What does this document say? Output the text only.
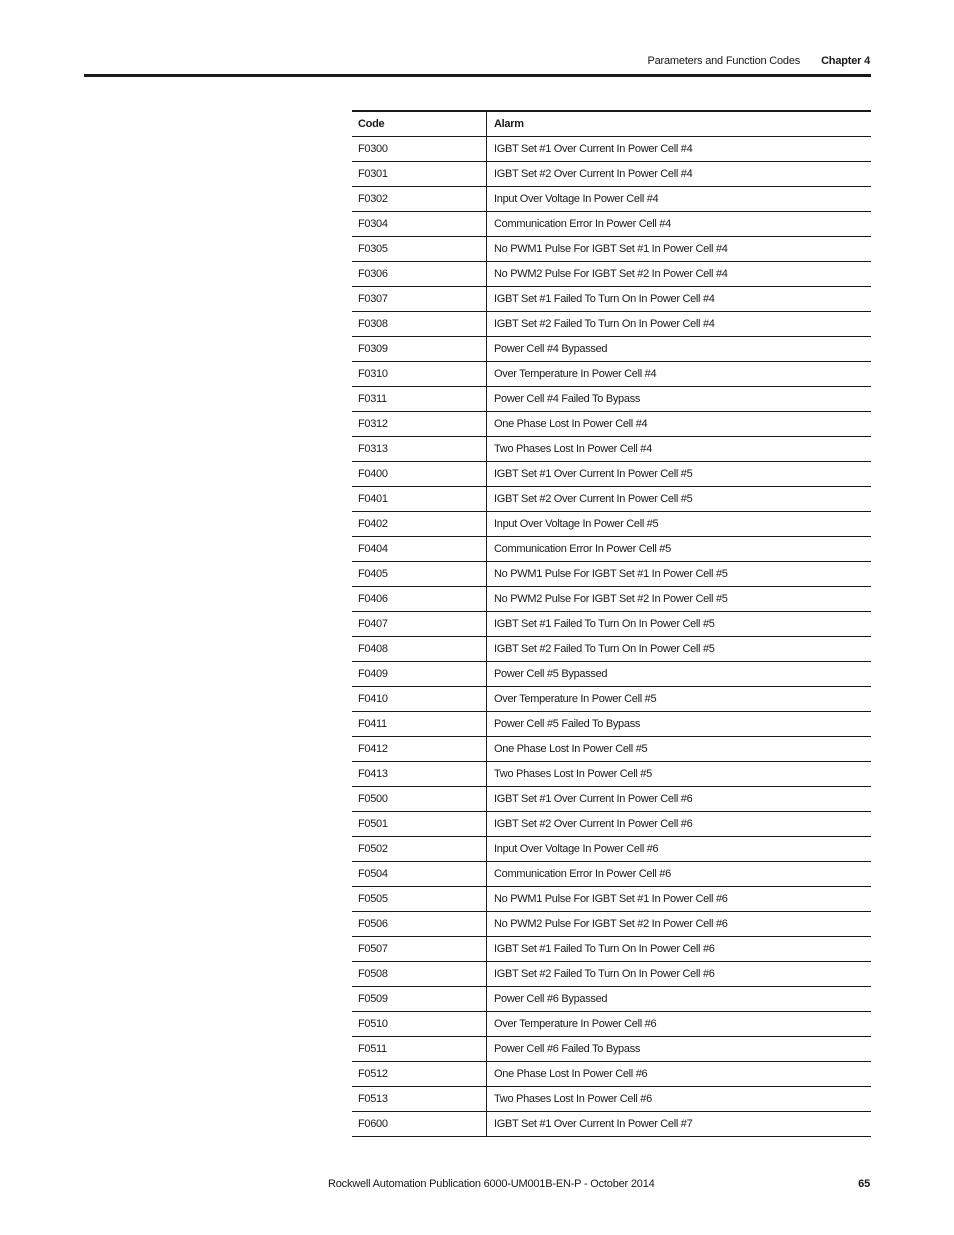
Parameters and Function Codes Chapter 4
Code	Alarm
F0300	IGBT Set #1 Over Current In Power Cell #4
F0301	IGBT Set #2 Over Current In Power Cell #4
F0302	Input Over Voltage In Power Cell #4
F0304	Communication Error In Power Cell #4
F0305	No PWM1 Pulse For IGBT Set #1 In Power Cell #4
F0306	No PWM2 Pulse For IGBT Set #2 In Power Cell #4
F0307	IGBT Set #1 Failed To Turn On In Power Cell #4
F0308	IGBT Set #2 Failed To Turn On In Power Cell #4
F0309	Power Cell #4 Bypassed
F0310	Over Temperature In Power Cell #4
F0311	Power Cell #4 Failed To Bypass
F0312	One Phase Lost In Power Cell #4
F0313	Two Phases Lost In Power Cell #4
F0400	IGBT Set #1 Over Current In Power Cell #5
F0401	IGBT Set #2 Over Current In Power Cell #5
F0402	Input Over Voltage In Power Cell #5
F0404	Communication Error In Power Cell #5
F0405	No PWM1 Pulse For IGBT Set #1 In Power Cell #5
F0406	No PWM2 Pulse For IGBT Set #2 In Power Cell #5
F0407	IGBT Set #1 Failed To Turn On In Power Cell #5
F0408	IGBT Set #2 Failed To Turn On In Power Cell #5
F0409	Power Cell #5 Bypassed
F0410	Over Temperature In Power Cell #5
F0411	Power Cell #5 Failed To Bypass
F0412	One Phase Lost In Power Cell #5
F0413	Two Phases Lost In Power Cell #5
F0500	IGBT Set #1 Over Current In Power Cell #6
F0501	IGBT Set #2 Over Current In Power Cell #6
F0502	Input Over Voltage In Power Cell #6
F0504	Communication Error In Power Cell #6
F0505	No PWM1 Pulse For IGBT Set #1 In Power Cell #6
F0506	No PWM2 Pulse For IGBT Set #2 In Power Cell #6
F0507	IGBT Set #1 Failed To Turn On In Power Cell #6
F0508	IGBT Set #2 Failed To Turn On In Power Cell #6
F0509	Power Cell #6 Bypassed
F0510	Over Temperature In Power Cell #6
F0511	Power Cell #6 Failed To Bypass
F0512	One Phase Lost In Power Cell #6
F0513	Two Phases Lost In Power Cell #6
F0600	IGBT Set #1 Over Current In Power Cell #7
Rockwell Automation Publication 6000-UM001B-EN-P - October 2014	65
